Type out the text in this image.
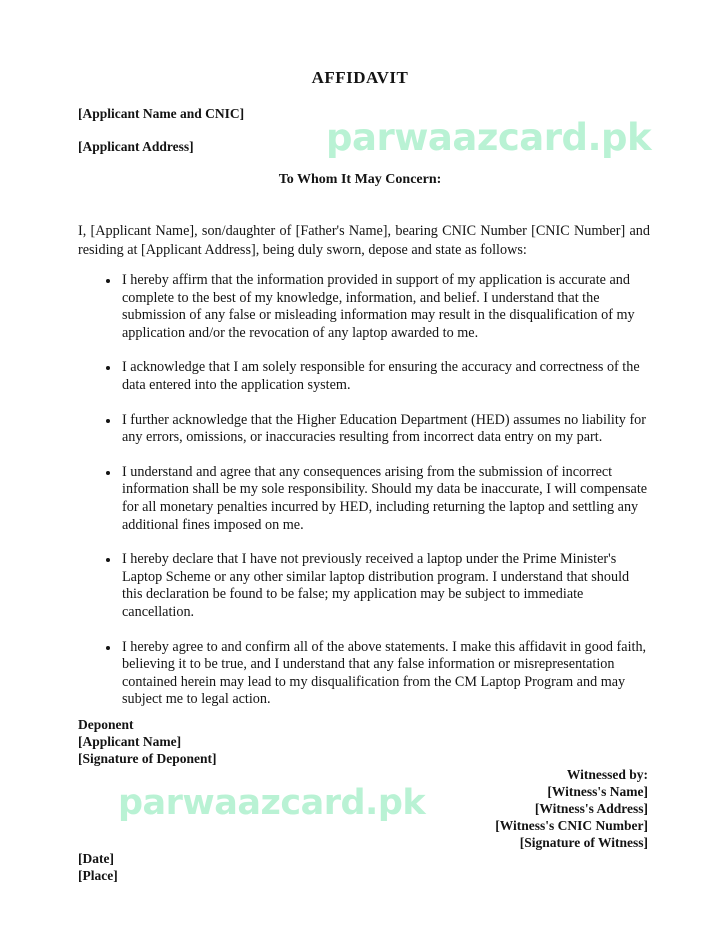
parwaazcard.pk
parwaazcard.pk
AFFIDAVIT
[Applicant Name and CNIC]
[Applicant Address]
To Whom It May Concern:
I, [Applicant Name], son/daughter of [Father's Name], bearing CNIC Number [CNIC Number] and residing at [Applicant Address], being duly sworn, depose and state as follows:
I hereby affirm that the information provided in support of my application is accurate and complete to the best of my knowledge, information, and belief. I understand that the submission of any false or misleading information may result in the disqualification of my application and/or the revocation of any laptop awarded to me.
I acknowledge that I am solely responsible for ensuring the accuracy and correctness of the data entered into the application system.
I further acknowledge that the Higher Education Department (HED) assumes no liability for any errors, omissions, or inaccuracies resulting from incorrect data entry on my part.
I understand and agree that any consequences arising from the submission of incorrect information shall be my sole responsibility. Should my data be inaccurate, I will compensate for all monetary penalties incurred by HED, including returning the laptop and settling any additional fines imposed on me.
I hereby declare that I have not previously received a laptop under the Prime Minister's Laptop Scheme or any other similar laptop distribution program. I understand that should this declaration be found to be false; my application may be subject to immediate cancellation.
I hereby agree to and confirm all of the above statements. I make this affidavit in good faith, believing it to be true, and I understand that any false information or misrepresentation contained herein may lead to my disqualification from the CM Laptop Program and may subject me to legal action.
Deponent
[Applicant Name]
[Signature of Deponent]
Witnessed by:
[Witness's Name]
[Witness's Address]
[Witness's CNIC Number]
[Signature of Witness]
[Date]
[Place]
